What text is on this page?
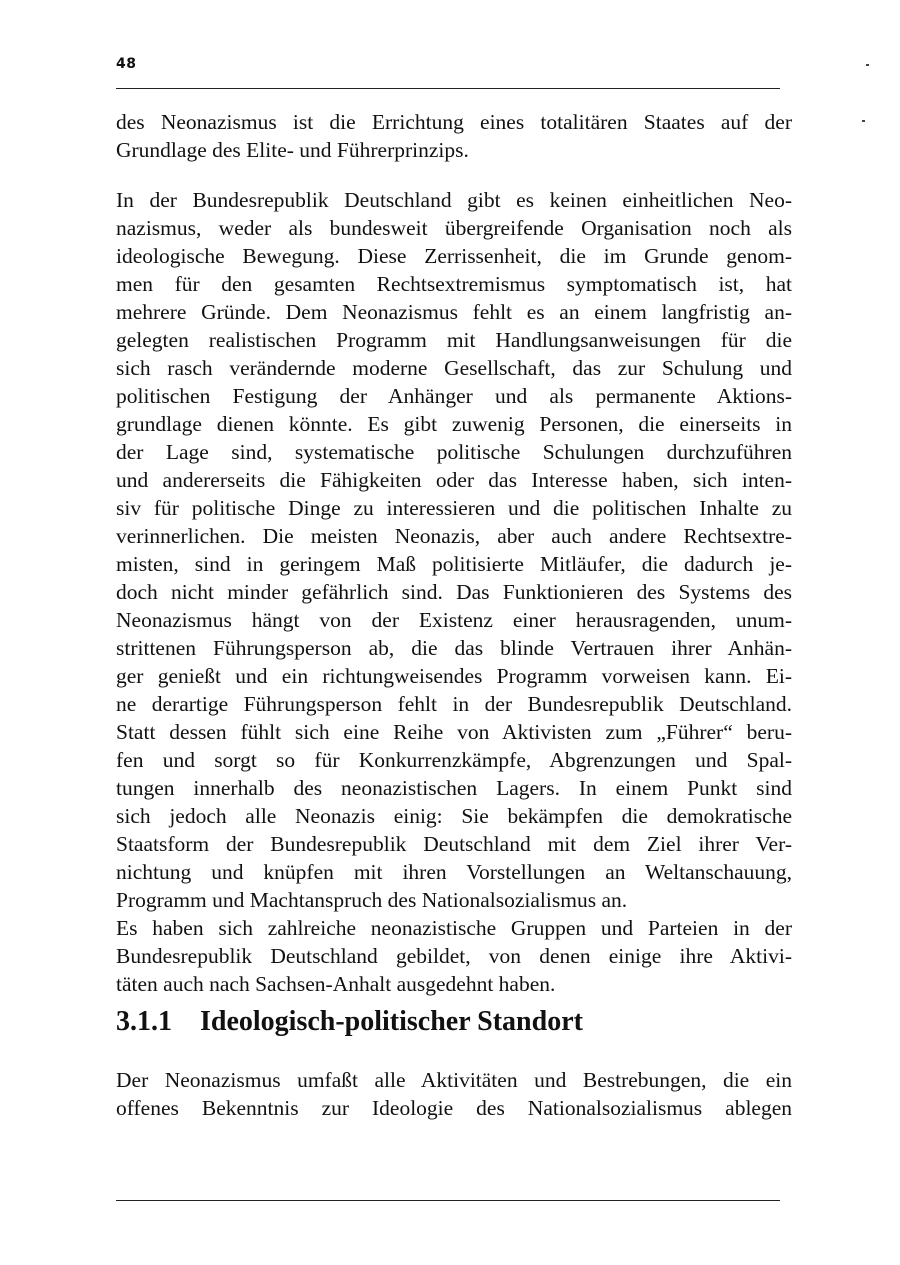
48
des Neonazismus ist die Errichtung eines totalitären Staates auf der
Grundlage des Elite- und Führerprinzips.
In der Bundesrepublik Deutschland gibt es keinen einheitlichen Neo-
nazismus, weder als bundesweit übergreifende Organisation noch als
ideologische Bewegung. Diese Zerrissenheit, die im Grunde genom-
men für den gesamten Rechtsextremismus symptomatisch ist, hat
mehrere Gründe. Dem Neonazismus fehlt es an einem langfristig an-
gelegten realistischen Programm mit Handlungsanweisungen für die
sich rasch verändernde moderne Gesellschaft, das zur Schulung und
politischen Festigung der Anhänger und als permanente Aktions-
grundlage dienen könnte. Es gibt zuwenig Personen, die einerseits in
der Lage sind, systematische politische Schulungen durchzuführen
und andererseits die Fähigkeiten oder das Interesse haben, sich inten-
siv für politische Dinge zu interessieren und die politischen Inhalte zu
verinnerlichen. Die meisten Neonazis, aber auch andere Rechtsextre-
misten, sind in geringem Maß politisierte Mitläufer, die dadurch je-
doch nicht minder gefährlich sind. Das Funktionieren des Systems des
Neonazismus hängt von der Existenz einer herausragenden, unum-
strittenen Führungsperson ab, die das blinde Vertrauen ihrer Anhän-
ger genießt und ein richtungweisendes Programm vorweisen kann. Ei-
ne derartige Führungsperson fehlt in der Bundesrepublik Deutschland.
Statt dessen fühlt sich eine Reihe von Aktivisten zum „Führer“ beru-
fen und sorgt so für Konkurrenzkämpfe, Abgrenzungen und Spal-
tungen innerhalb des neonazistischen Lagers. In einem Punkt sind
sich jedoch alle Neonazis einig: Sie bekämpfen die demokratische
Staatsform der Bundesrepublik Deutschland mit dem Ziel ihrer Ver-
nichtung und knüpfen mit ihren Vorstellungen an Weltanschauung,
Programm und Machtanspruch des Nationalsozialismus an.
Es haben sich zahlreiche neonazistische Gruppen und Parteien in der
Bundesrepublik Deutschland gebildet, von denen einige ihre Aktivi-
täten auch nach Sachsen-Anhalt ausgedehnt haben.
3.1.1 Ideologisch-politischer Standort
Der Neonazismus umfaßt alle Aktivitäten und Bestrebungen, die ein
offenes Bekenntnis zur Ideologie des Nationalsozialismus ablegen
